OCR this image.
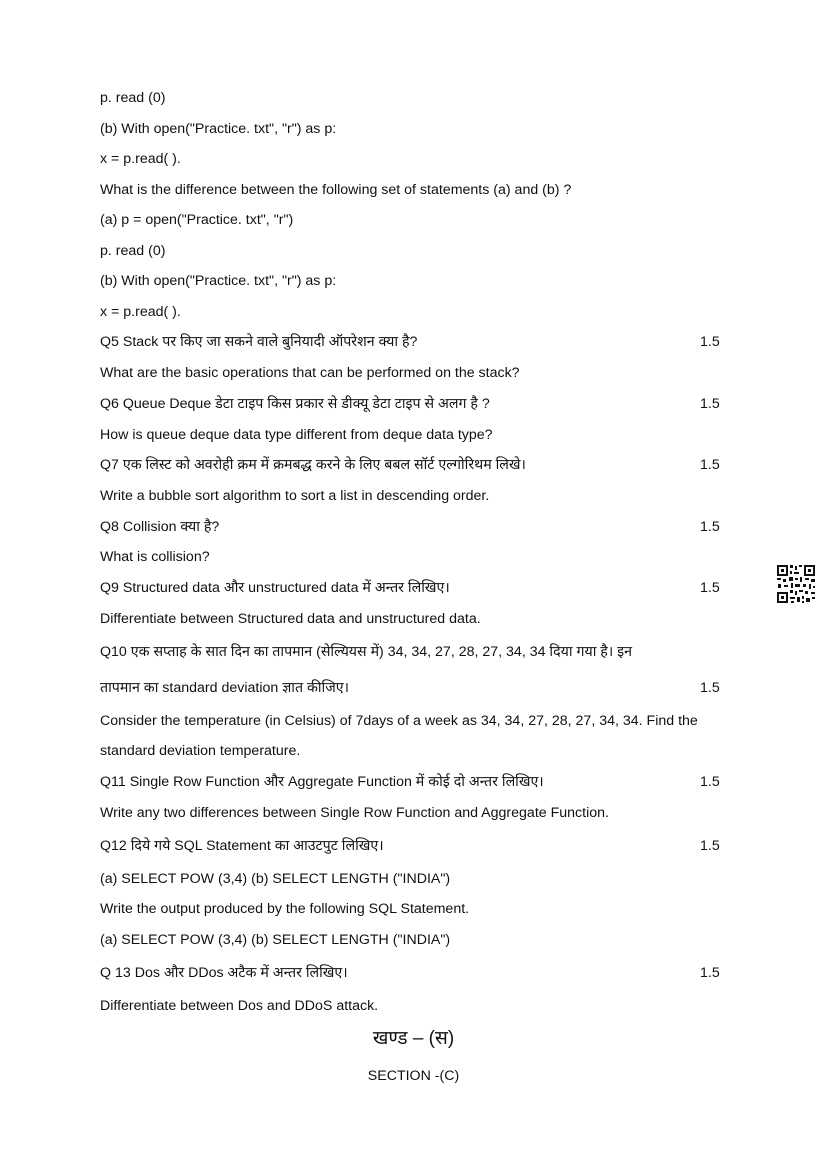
p. read (0)
(b) With open("Practice. txt", "r") as p:
x = p.read( ).
What is the difference between the following set of statements (a) and (b) ?
(a) p = open("Practice. txt", "r")
p. read (0)
(b) With open("Practice. txt", "r") as p:
x = p.read( ).
Q5 Stack पर किए जा सकने वाले बुनियादी ऑपरेशन क्या है?	1.5
What are the basic operations that can be performed on the stack?
Q6 Queue Deque डेटा टाइप किस प्रकार से डीक्यू डेटा टाइप से अलग है ?	1.5
How is queue deque data type different from deque data type?
Q7 एक लिस्ट को अवरोही क्रम में क्रमबद्ध करने के लिए बबल सॉर्ट एल्गोरिथम लिखे।	1.5
Write a bubble sort algorithm to sort a list in descending order.
Q8 Collision क्या है?	1.5
What is collision?
Q9 Structured data और unstructured data में अन्तर लिखिए।	1.5
Differentiate between Structured data and unstructured data.
Q10 एक सप्ताह के सात दिन का तापमान (सेल्यियस में) 34, 34, 27, 28, 27, 34, 34 दिया गया है। इन
तापमान का standard deviation ज्ञात कीजिए।	1.5
Consider the temperature (in Celsius) of 7days of a week as 34, 34, 27, 28, 27, 34, 34. Find the
standard deviation temperature.
Q11 Single Row Function और Aggregate Function में कोई दो अन्तर लिखिए।	1.5
Write any two differences between Single Row Function and Aggregate Function.
Q12 दिये गये SQL Statement का आउटपुट लिखिए।	1.5
(a) SELECT POW (3,4) (b) SELECT LENGTH ("INDIA")
Write the output produced by the following SQL Statement.
(a) SELECT POW (3,4) (b) SELECT LENGTH ("INDIA")
Q 13 Dos और DDos अटैक में अन्तर लिखिए।	1.5
Differentiate between Dos and DDoS attack.
खण्ड – (स)
SECTION -(C)
